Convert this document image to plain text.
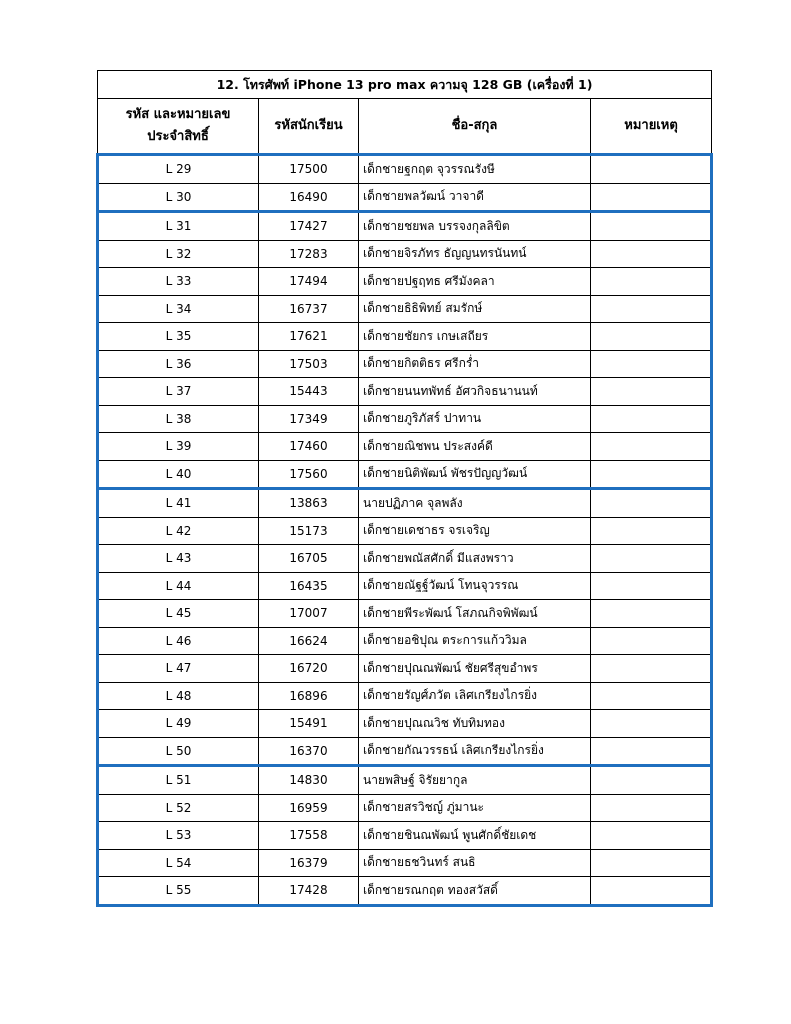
12. โทรศัพท์ iPhone 13 pro max ความจุ 128 GB (เครื่องที่ 1)			
รหัส และหมายเลข
ประจำสิทธิ์	รหัสนักเรียน	ชื่อ-สกุล	หมายเหตุ
L 29	17500	เด็กชายฐกฤต จุวรรณรังษี	
L 30	16490	เด็กชายพลวัฒน์ วาจาดี	
L 31	17427	เด็กชายชยพล บรรจงกุลลิขิต	
L 32	17283	เด็กชายจิรภัทร ธัญญนทรนันทน์	
L 33	17494	เด็กชายปฐฤทธ ศรีมังคลา	
L 34	16737	เด็กชายธิธิพิทย์ สมรักษ์	
L 35	17621	เด็กชายชัยกร เกษเสถียร	
L 36	17503	เด็กชายกิตติธร ศรีกร่ำ	
L 37	15443	เด็กชายนนทพัทธ์ อัศวกิจธนานนท์	
L 38	17349	เด็กชายภูริภัสร์ ปาทาน	
L 39	17460	เด็กชายณิชพน ประสงค์ดี	
L 40	17560	เด็กชายนิติพัฒน์ พัชรปัญญวัฒน์	
L 41	13863	นายปฏิภาค จุลพลัง	
L 42	15173	เด็กชายเดชาธร จรเจริญ	
L 43	16705	เด็กชายพณัสศักดิ์ มีแสงพราว	
L 44	16435	เด็กชายณัฐฐ์วัฒน์ โทนจุวรรณ	
L 45	17007	เด็กชายพีระพัฒน์ โสภณกิจพิพัฒน์	
L 46	16624	เด็กชายอชิปุณ ตระการแก้ววิมล	
L 47	16720	เด็กชายปุณณพัฒน์ ชัยศรีสุขอำพร	
L 48	16896	เด็กชายรัญศ์ภวัต เลิศเกรียงไกรยิ่ง	
L 49	15491	เด็กชายปุณณวิช ทับทิมทอง	
L 50	16370	เด็กชายกัณวรรธน์ เลิศเกรียงไกรยิ่ง	
L 51	14830	นายพสิษฐ์ จิรัยยากูล	
L 52	16959	เด็กชายสรวิชญ์ ภู่มานะ	
L 53	17558	เด็กชายชินณพัฒน์ พูนศักดิ์ชัยเดช	
L 54	16379	เด็กชายธชวินทร์ สนธิ	
L 55	17428	เด็กชายรณกฤต ทองสวัสดิ์	
